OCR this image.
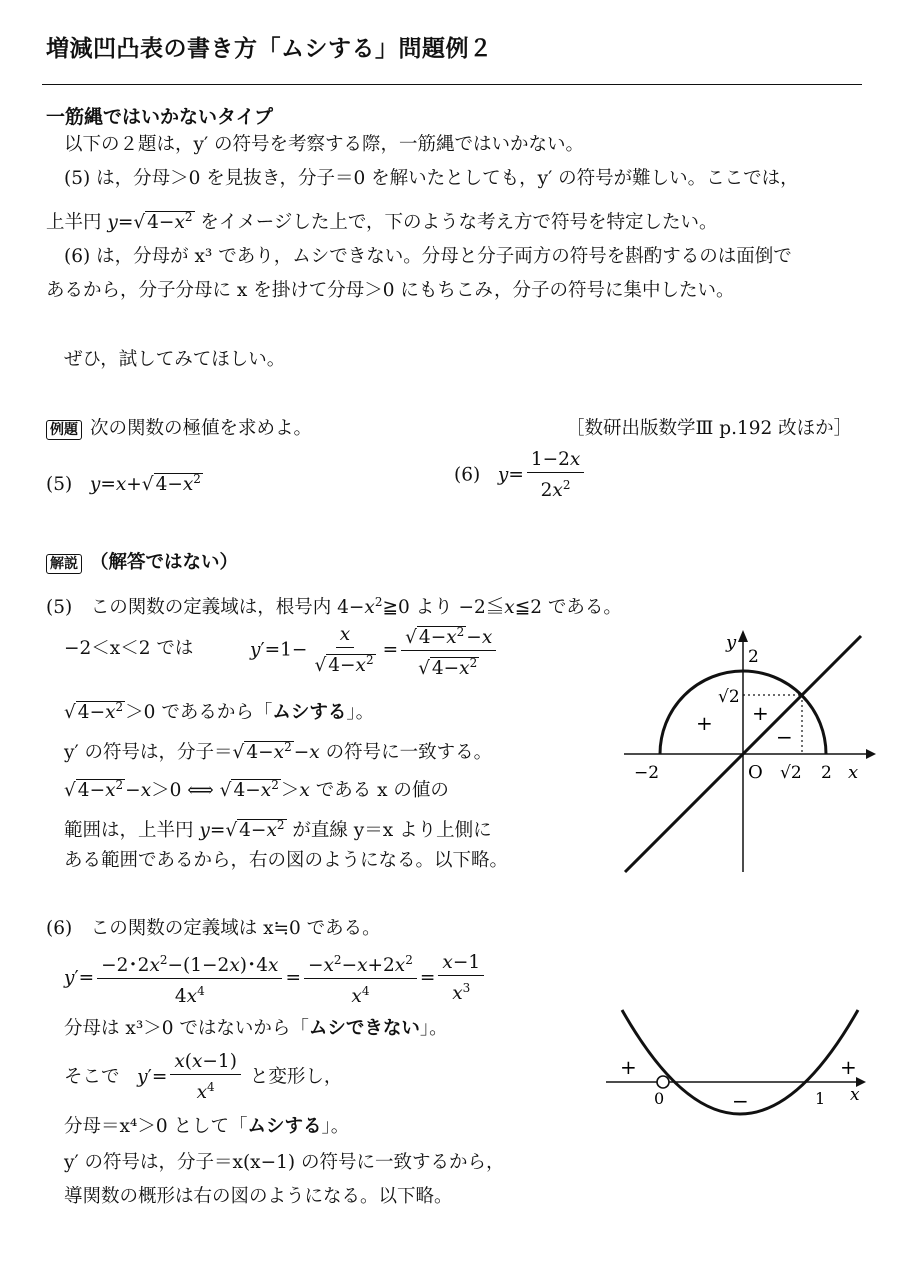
増減凹凸表の書き方「ムシする」問題例２
一筋縄ではいかないタイプ
以下の２題は，y′ の符号を考察する際，一筋縄ではいかない。
(5) は，分母＞0 を見抜き，分子＝0 を解いたとしても，y′ の符号が難しい。ここでは，
上半円 y=√ $4-x^2$ をイメージした上で，下のような考え方で符号を特定したい。
(6) は，分母が x³ であり，ムシできない。分母と分子両方の符号を斟酌するのは面倒で
あるから，分子分母に x を掛けて分母＞0 にもちこみ，分子の符号に集中したい。
ぜひ，試してみてほしい。
例題 次の関数の極値を求めよ。	［数研出版数学Ⅲ p.192 改ほか］
(5) y=x+√ $4-x^2$	(6) $y= \frac{1-2x}{2x^2}$
解説 （解答ではない）
(5)　この関数の定義域は，根号内 $4-x^2≧0$ より −2≦x≦2 である。
−2＜x＜2 では	$y'=1- \frac{x}{√ 4-x^2} = \frac{√ 4-x^2 -x}{√ 4-x^2}$
√ $4-x^2 >0$ であるから「ムシする」。
y′ の符号は，分子＝√ $4-x^2 -x$ の符号に一致する。
√ $4-x^2 -x>0$ ⟺ √ $4-x^2 >x$ である x の値の
範囲は，上半円 y=√ $4-x^2$ が直線 y＝x より上側に
ある範囲であるから，右の図のようになる。以下略。
y
2
√2
+ +
−
−2	O √2 2 x
(6)　この関数の定義域は x≒0 である。
$y'= \frac{-2･2x^2-(1-2x)･4x}{4x^4} = \frac{-x^2-x+2x^2}{x^4} = \frac{x-1}{x^3}$
分母は x³＞0 ではないから「ムシできない」。
そこで $y'= \frac{x(x-1)}{x^4}$ と変形し，
分母＝x⁴＞0 として「ムシする」。
y′ の符号は，分子＝x(x−1) の符号に一致するから，
導関数の概形は右の図のようになる。以下略。
+	+
−
0	1 x
